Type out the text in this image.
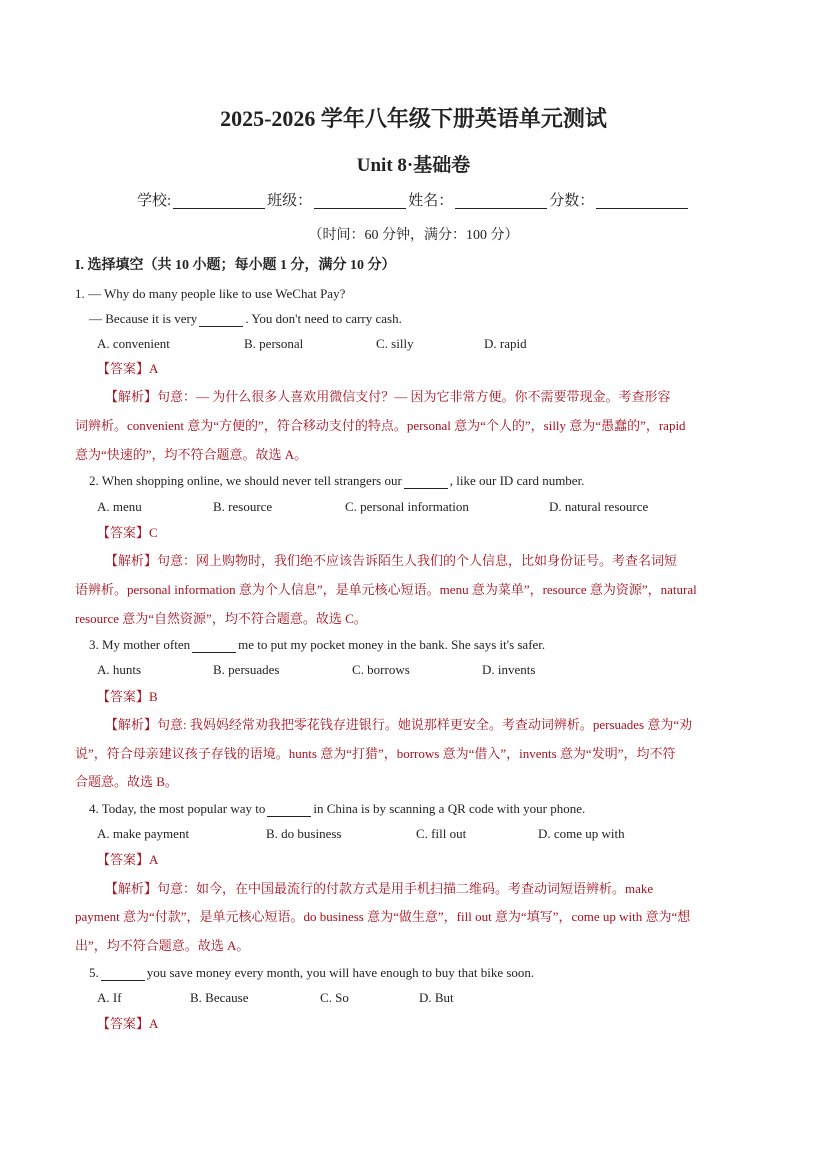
2025-2026 学年八年级下册英语单元测试
Unit 8·基础卷
学校:	班级：	姓名：	分数：
（时间：60 分钟，满分：100 分）
I. 选择填空（共 10 小题；每小题 1 分，满分 10 分）
1. — Why do many people like to use WeChat Pay?
— Because it is very	. You don't need to carry cash.
A. convenient	B. personal	C. silly	D. rapid
【答案】A
【解析】句意：— 为什么很多人喜欢用微信支付？— 因为它非常方便。你不需要带现金。考查形容
词辨析。convenient 意为“方便的”，符合移动支付的特点。personal 意为“个人的”，silly 意为“愚蠢的”，rapid
意为“快速的”，均不符合题意。故选 A。
2. When shopping online, we should never tell strangers our	, like our ID card number.
A. menu	B. resource	C. personal information	D. natural resource
【答案】C
【解析】句意：网上购物时，我们绝不应该告诉陌生人我们的个人信息，比如身份证号。考查名词短
语辨析。personal information 意为个人信息”，是单元核心短语。menu 意为菜单”，resource 意为资源”，natural
resource 意为“自然资源”，均不符合题意。故选 C。
3. My mother often	me to put my pocket money in the bank. She says it's safer.
A. hunts	B. persuades	C. borrows	D. invents
【答案】B
【解析】句意: 我妈妈经常劝我把零花钱存进银行。她说那样更安全。考查动词辨析。persuades 意为“劝
说”，符合母亲建议孩子存钱的语境。hunts 意为“打猎”，borrows 意为“借入”，invents 意为“发明”，均不符
合题意。故选 B。
4. Today, the most popular way to	in China is by scanning a QR code with your phone.
A. make payment	B. do business	C. fill out	D. come up with
【答案】A
【解析】句意：如今，在中国最流行的付款方式是用手机扫描二维码。考查动词短语辨析。make
payment 意为“付款”，是单元核心短语。do business 意为“做生意”，fill out 意为“填写”，come up with 意为“想
出”，均不符合题意。故选 A。
5.	you save money every month, you will have enough to buy that bike soon.
A. If	B. Because	C. So	D. But
【答案】A
